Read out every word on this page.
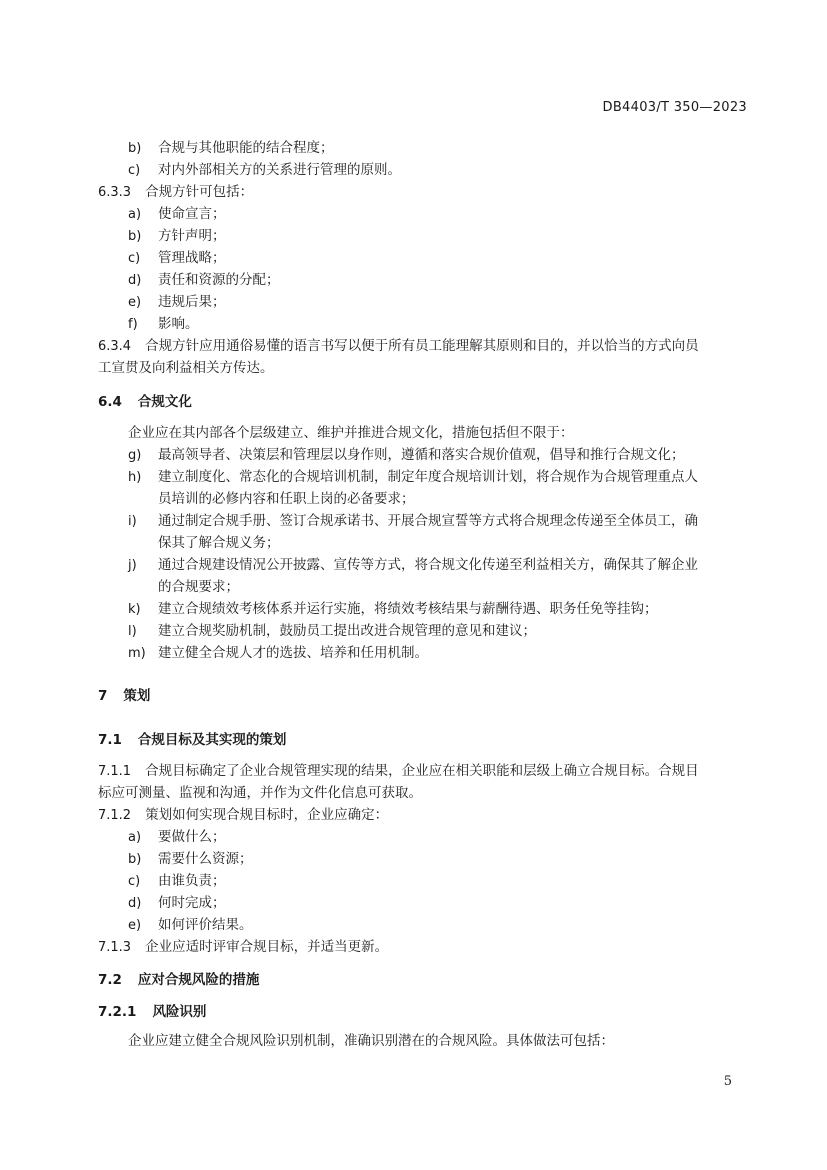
DB4403/T 350—2023
b) 合规与其他职能的结合程度；
c) 对内外部相关方的关系进行管理的原则。
6.3.3 合规方针可包括：
a) 使命宣言；
b) 方针声明；
c) 管理战略；
d) 责任和资源的分配；
e) 违规后果；
f) 影响。
6.3.4 合规方针应用通俗易懂的语言书写以便于所有员工能理解其原则和目的，并以恰当的方式向员
工宣贯及向利益相关方传达。
6.4 合规文化
企业应在其内部各个层级建立、维护并推进合规文化，措施包括但不限于：
g) 最高领导者、决策层和管理层以身作则，遵循和落实合规价值观，倡导和推行合规文化；
h) 建立制度化、常态化的合规培训机制，制定年度合规培训计划，将合规作为合规管理重点人
员培训的必修内容和任职上岗的必备要求；
i) 通过制定合规手册、签订合规承诺书、开展合规宣誓等方式将合规理念传递至全体员工，确
保其了解合规义务；
j) 通过合规建设情况公开披露、宣传等方式，将合规文化传递至利益相关方，确保其了解企业
的合规要求；
k) 建立合规绩效考核体系并运行实施，将绩效考核结果与薪酬待遇、职务任免等挂钩；
l) 建立合规奖励机制，鼓励员工提出改进合规管理的意见和建议；
m) 建立健全合规人才的选拔、培养和任用机制。
7 策划
7.1 合规目标及其实现的策划
7.1.1 合规目标确定了企业合规管理实现的结果，企业应在相关职能和层级上确立合规目标。合规目
标应可测量、监视和沟通，并作为文件化信息可获取。
7.1.2 策划如何实现合规目标时，企业应确定：
a) 要做什么；
b) 需要什么资源；
c) 由谁负责；
d) 何时完成；
e) 如何评价结果。
7.1.3 企业应适时评审合规目标，并适当更新。
7.2 应对合规风险的措施
7.2.1 风险识别
企业应建立健全合规风险识别机制，准确识别潜在的合规风险。具体做法可包括：
5
